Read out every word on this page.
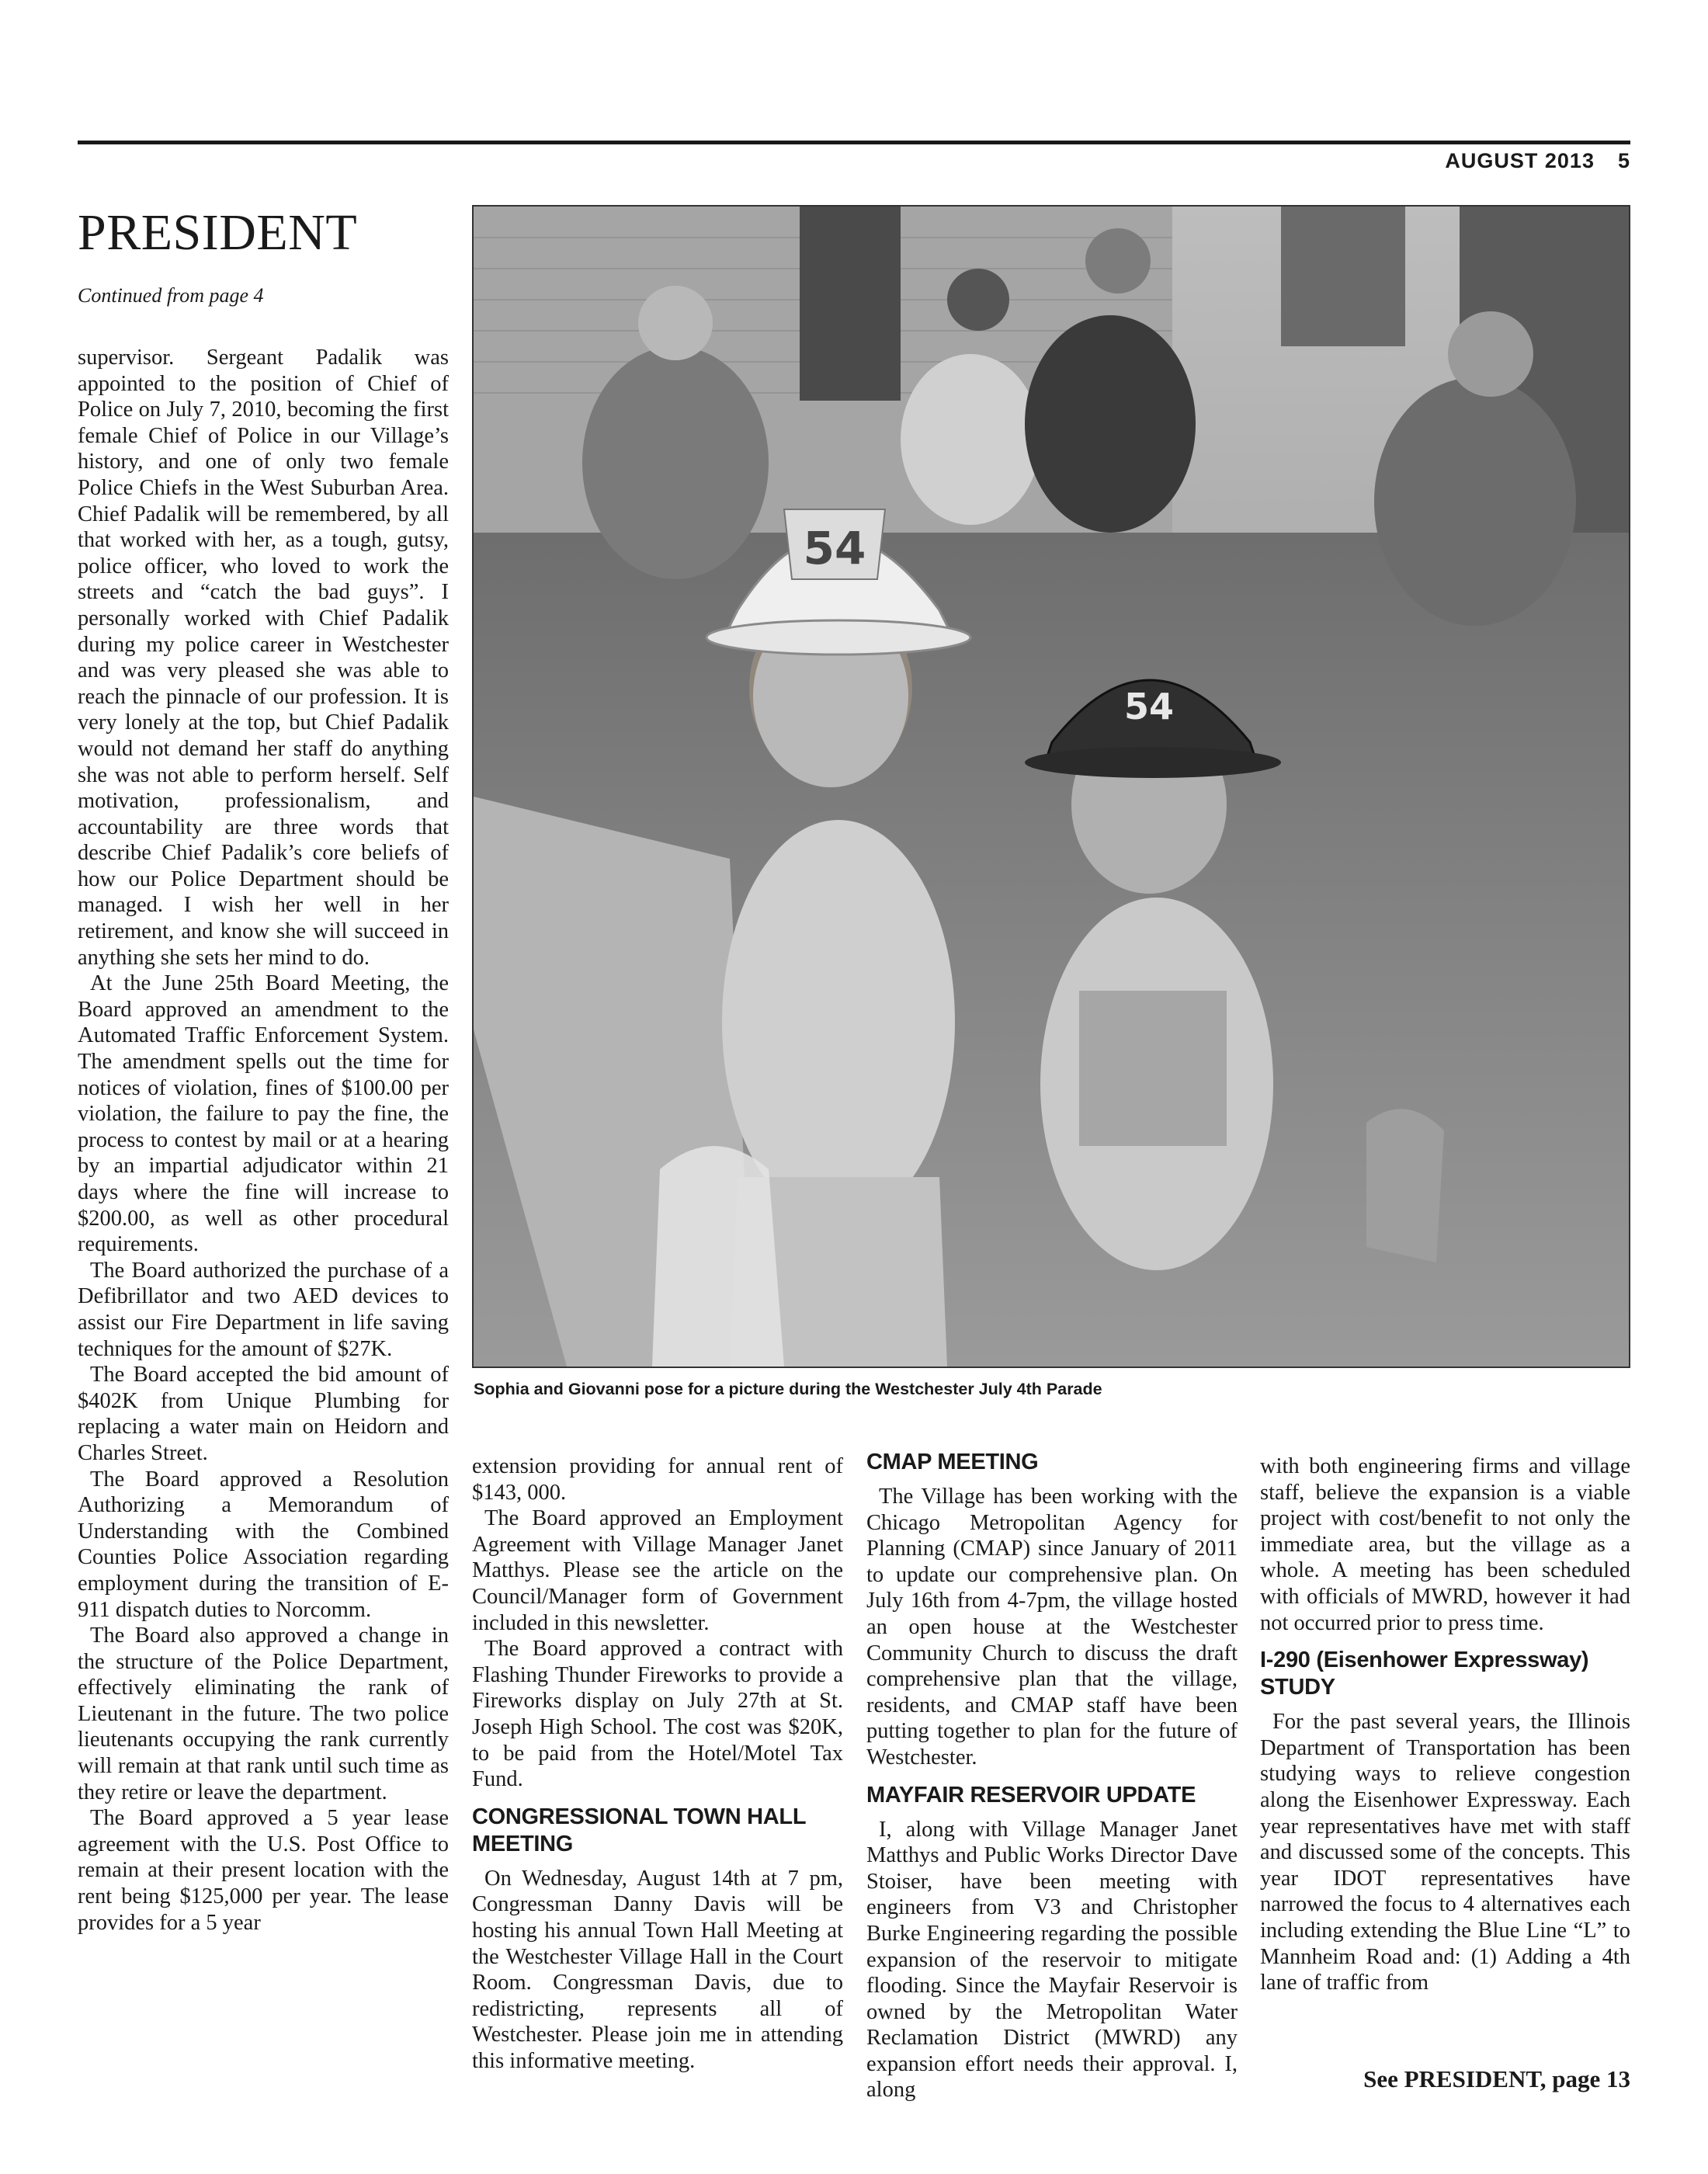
AUGUST 2013 5
PRESIDENT
Continued from page 4

supervisor. Sergeant Padalik was appointed to the position of Chief of Police on July 7, 2010, becoming the first female Chief of Police in our Village’s history, and one of only two female Police Chiefs in the West Suburban Area. Chief Padalik will be remembered, by all that worked with her, as a tough, gutsy, police officer, who loved to work the streets and “catch the bad guys”. I personally worked with Chief Padalik during my police career in Westchester and was very pleased she was able to reach the pinnacle of our profession. It is very lonely at the top, but Chief Padalik would not demand her staff do anything she was not able to perform herself. Self motivation, professionalism, and accountability are three words that describe Chief Padalik’s core beliefs of how our Police Department should be managed. I wish her well in her retirement, and know she will succeed in anything she sets her mind to do.

At the June 25th Board Meeting, the Board approved an amendment to the Automated Traffic Enforcement System. The amendment spells out the time for notices of violation, fines of $100.00 per violation, the failure to pay the fine, the process to contest by mail or at a hearing by an impartial adjudicator within 21 days where the fine will increase to $200.00, as well as other procedural requirements.

The Board authorized the purchase of a Defibrillator and two AED devices to assist our Fire Department in life saving techniques for the amount of $27K.

The Board accepted the bid amount of $402K from Unique Plumbing for replacing a water main on Heidorn and Charles Street.

The Board approved a Resolution Authorizing a Memorandum of Understanding with the Combined Counties Police Association regarding employment during the transition of E-911 dispatch duties to Norcomm.

The Board also approved a change in the structure of the Police Department, effectively eliminating the rank of Lieutenant in the future. The two police lieutenants occupying the rank currently will remain at that rank until such time as they retire or leave the department.

The Board approved a 5 year lease agreement with the U.S. Post Office to remain at their present location with the rent being $125,000 per year. The lease provides for a 5 year

54
54
Sophia and Giovanni pose for a picture during the Westchester July 4th Parade

extension providing for annual rent of $143, 000.

The Board approved an Employment Agreement with Village Manager Janet Matthys. Please see the article on the Council/Manager form of Government included in this newsletter.

The Board approved a contract with Flashing Thunder Fireworks to provide a Fireworks display on July 27th at St. Joseph High School. The cost was $20K, to be paid from the Hotel/Motel Tax Fund.

CONGRESSIONAL TOWN HALL MEETING

On Wednesday, August 14th at 7 pm, Congressman Danny Davis will be hosting his annual Town Hall Meeting at the Westchester Village Hall in the Court Room. Congressman Davis, due to redistricting, represents all of Westchester. Please join me in attending this informative meeting.

CMAP MEETING

The Village has been working with the Chicago Metropolitan Agency for Planning (CMAP) since January of 2011 to update our comprehensive plan. On July 16th from 4-7pm, the village hosted an open house at the Westchester Community Church to discuss the draft comprehensive plan that the village, residents, and CMAP staff have been putting together to plan for the future of Westchester.

MAYFAIR RESERVOIR UPDATE

I, along with Village Manager Janet Matthys and Public Works Director Dave Stoiser, have been meeting with engineers from V3 and Christopher Burke Engineering regarding the possible expansion of the reservoir to mitigate flooding. Since the Mayfair Reservoir is owned by the Metropolitan Water Reclamation District (MWRD) any expansion effort needs their approval. I, along

with both engineering firms and village staff, believe the expansion is a viable project with cost/benefit to not only the immediate area, but the village as a whole. A meeting has been scheduled with officials of MWRD, however it had not occurred prior to press time.

I-290 (Eisenhower Expressway) STUDY

For the past several years, the Illinois Department of Transportation has been studying ways to relieve congestion along the Eisenhower Expressway. Each year representatives have met with staff and discussed some of the concepts. This year IDOT representatives have narrowed the focus to 4 alternatives each including extending the Blue Line “L” to Mannheim Road and: (1) Adding a 4th lane of traffic from

See PRESIDENT, page 13
